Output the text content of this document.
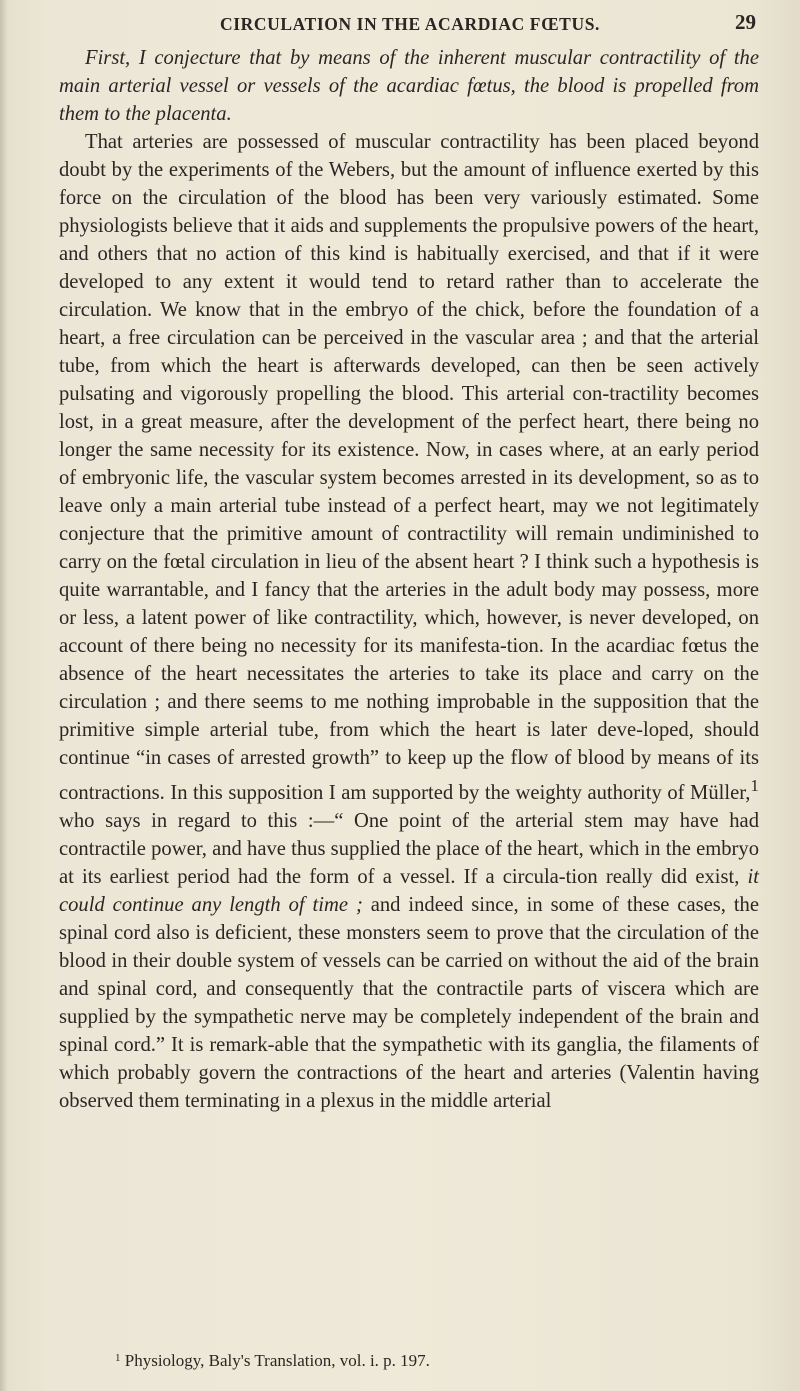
CIRCULATION IN THE ACARDIAC FŒTUS.	29

First, I conjecture that by means of the inherent muscular contractility of the main arterial vessel or vessels of the acardiac fœtus, the blood is propelled from them to the placenta.

That arteries are possessed of muscular contractility has been placed beyond doubt by the experiments of the Webers, but the amount of influence exerted by this force on the circulation of the blood has been very variously estimated. Some physiologists believe that it aids and supplements the propulsive powers of the heart, and others that no action of this kind is habitually exercised, and that if it were developed to any extent it would tend to retard rather than to accelerate the circulation. We know that in the embryo of the chick, before the foundation of a heart, a free circulation can be perceived in the vascular area ; and that the arterial tube, from which the heart is afterwards developed, can then be seen actively pulsating and vigorously propelling the blood. This arterial con-tractility becomes lost, in a great measure, after the development of the perfect heart, there being no longer the same necessity for its existence. Now, in cases where, at an early period of embryonic life, the vascular system becomes arrested in its development, so as to leave only a main arterial tube instead of a perfect heart, may we not legitimately conjecture that the primitive amount of contractility will remain undiminished to carry on the fœtal circulation in lieu of the absent heart ? I think such a hypothesis is quite warrantable, and I fancy that the arteries in the adult body may possess, more or less, a latent power of like contractility, which, however, is never developed, on account of there being no necessity for its manifesta-tion. In the acardiac fœtus the absence of the heart necessitates the arteries to take its place and carry on the circulation ; and there seems to me nothing improbable in the supposition that the primitive simple arterial tube, from which the heart is later deve-loped, should continue “in cases of arrested growth” to keep up the flow of blood by means of its contractions. In this supposition I am supported by the weighty authority of Müller,$^1$ who says in regard to this :—“ One point of the arterial stem may have had contractile power, and have thus supplied the place of the heart, which in the embryo at its earliest period had the form of a vessel. If a circula-tion really did exist, it could continue any length of time ; and indeed since, in some of these cases, the spinal cord also is deficient, these monsters seem to prove that the circulation of the blood in their double system of vessels can be carried on without the aid of the brain and spinal cord, and consequently that the contractile parts of viscera which are supplied by the sympathetic nerve may be completely independent of the brain and spinal cord.” It is remark-able that the sympathetic with its ganglia, the filaments of which probably govern the contractions of the heart and arteries (Valentin having observed them terminating in a plexus in the middle arterial

$^1$ Physiology, Baly's Translation, vol. i. p. 197.
